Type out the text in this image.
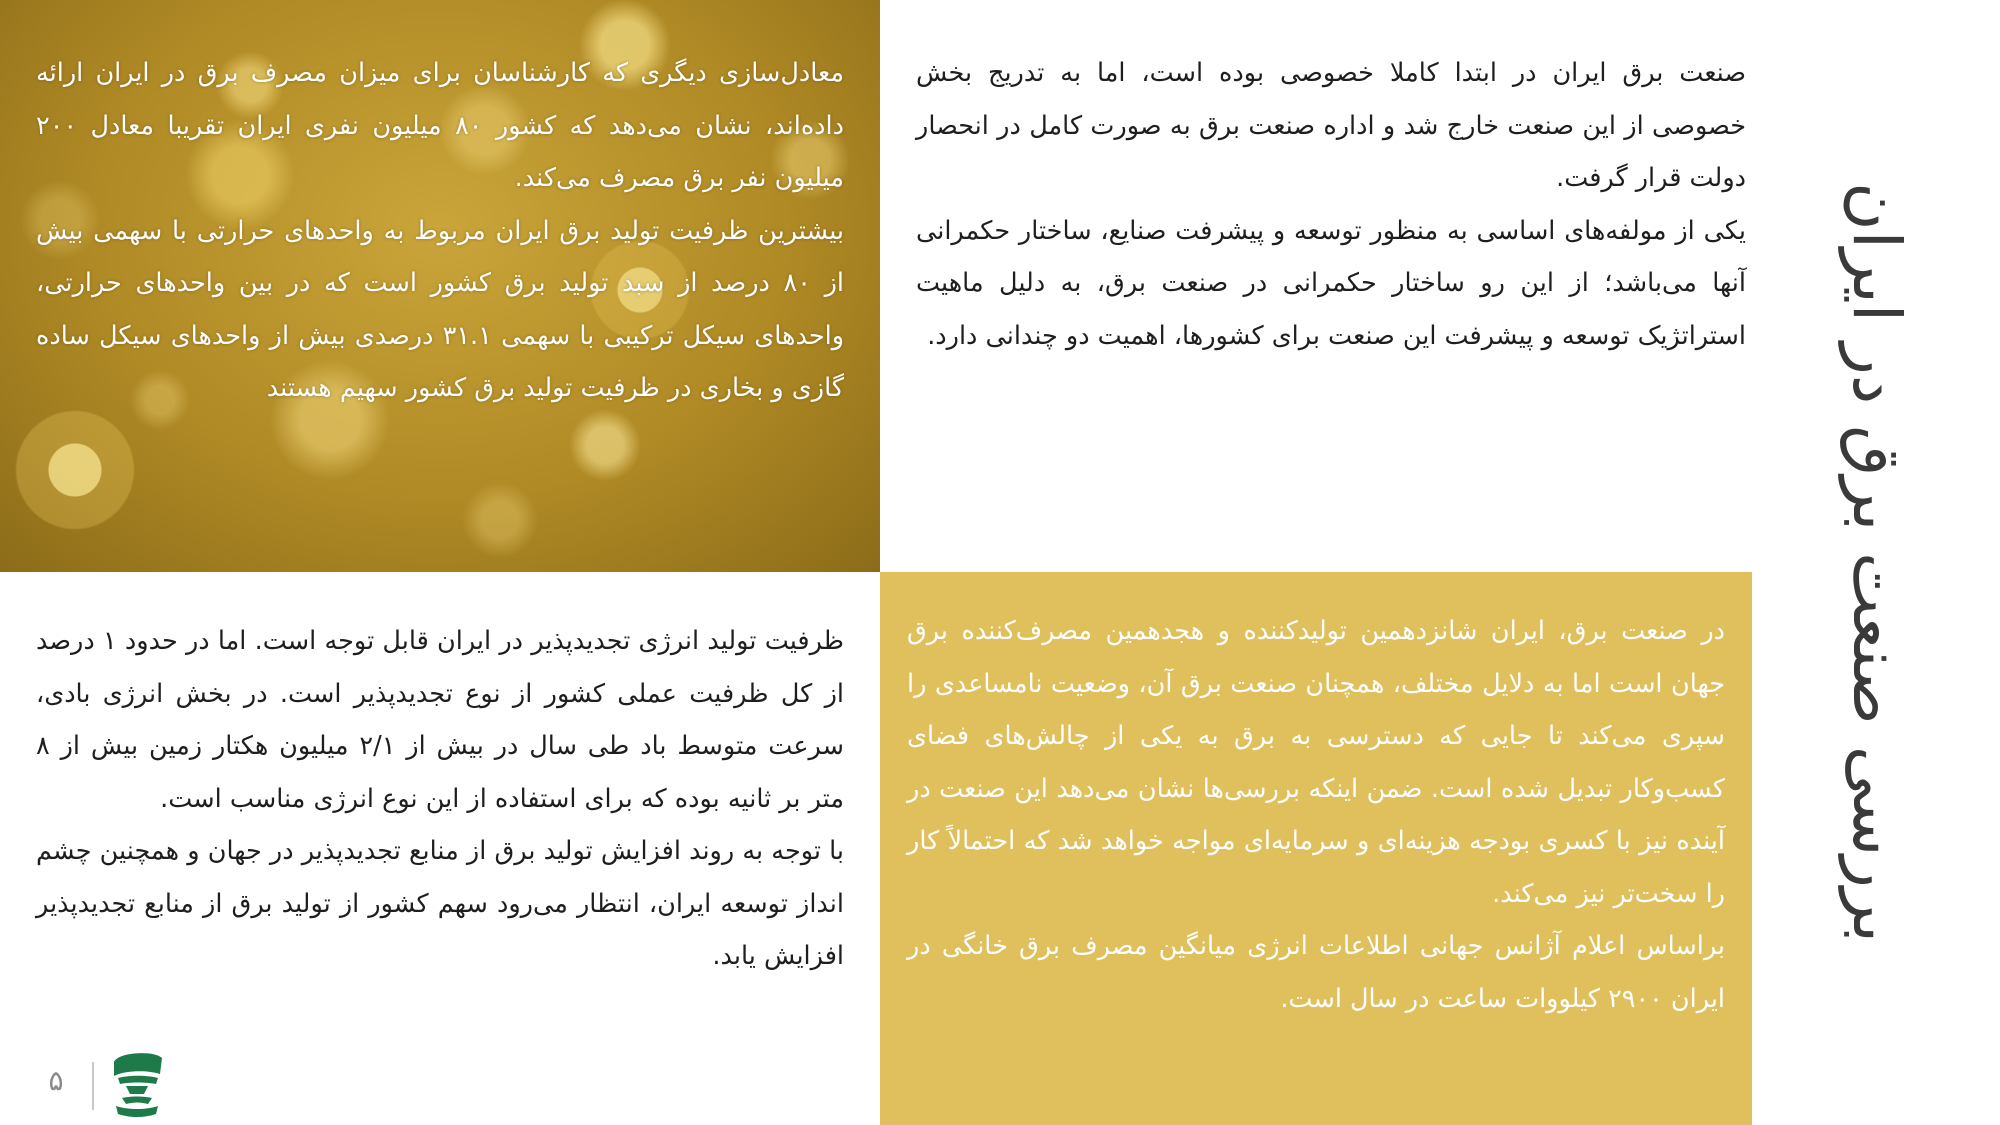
معادل‌سازی دیگری که کارشناسان برای میزان مصرف برق در ایران ارائه داده‌اند، نشان می‌دهد که کشور ۸۰ میلیون نفری ایران تقریبا معادل ۲۰۰ میلیون نفر برق مصرف می‌کند.

بیشترین ظرفیت تولید برق ایران مربوط به واحدهای حرارتی با سهمی بیش از ۸۰ درصد از سبد تولید برق کشور است که در بین واحدهای حرارتی، واحدهای سیکل ترکیبی با سهمی ۳۱.۱ درصدی بیش از واحدهای سیکل ساده گازی و بخاری در ظرفیت تولید برق کشور سهیم هستند

صنعت برق ایران در ابتدا کاملا خصوصی بوده است، اما به تدریج بخش خصوصی از این صنعت خارج شد و اداره صنعت برق به صورت کامل در انحصار دولت قرار گرفت.

یکی از مولفه‌های اساسی به منظور توسعه و پیشرفت صنایع، ساختار حکمرانی آنها می‌باشد؛ از این رو ساختار حکمرانی در صنعت برق، به دلیل ماهیت استراتژیک توسعه و پیشرفت این صنعت برای کشورها، اهمیت دو چندانی دارد.

ظرفیت تولید انرژی تجدیدپذیر در ایران قابل توجه است. اما در حدود ۱ درصد از کل ظرفیت عملی کشور از نوع تجدیدپذیر است. در بخش انرژی بادی، سرعت متوسط باد طی سال در بیش از ۲/۱ میلیون هکتار زمین بیش از ۸ متر بر ثانیه بوده که برای استفاده از این نوع انرژی مناسب است.

با توجه به روند افزایش تولید برق از منابع تجدیدپذیر در جهان و همچنین چشم انداز توسعه ایران، انتظار می‌رود سهم کشور از تولید برق از منابع تجدیدپذیر افزایش یابد.

در صنعت برق، ایران شانزدهمین تولیدکننده و هجدهمین مصرف‌کننده برق جهان است اما به دلایل مختلف، همچنان صنعت برق آن، وضعیت نامساعدی را سپری می‌کند تا جایی که دسترسی به برق به یکی از چالش‌های فضای کسب‌وکار تبدیل شده است. ضمن اینکه بررسی‌ها نشان می‌دهد این صنعت در آینده نیز با کسری بودجه هزینه‌ای و سرمایه‌ای مواجه خواهد شد که احتمالاً کار را سخت‌تر نیز می‌کند.

براساس اعلام آژانس جهانی اطلاعات انرژی میانگین مصرف برق خانگی در ایران ۲۹۰۰ کیلووات ساعت در سال است.

بررسی صنعت برق در ایران
۵
